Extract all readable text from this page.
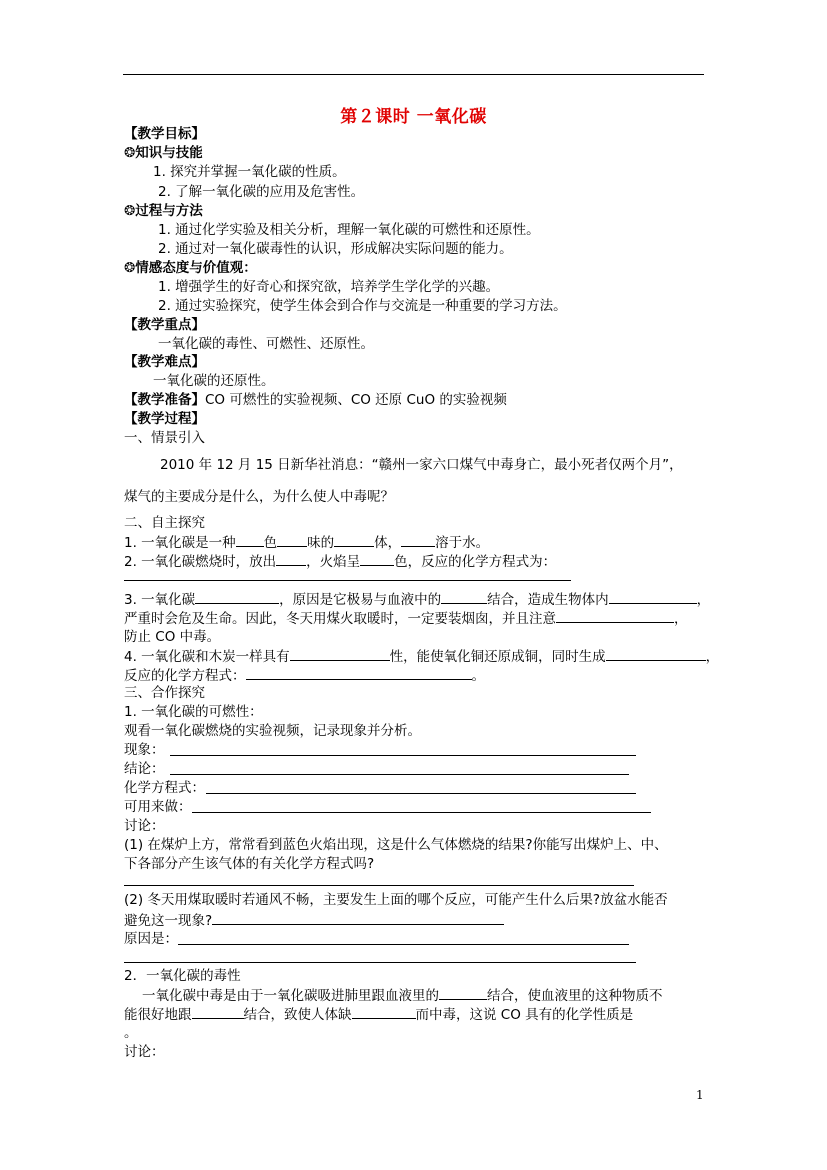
第２课时 一氧化碳
【教学目标】
❂知识与技能
1. 探究并掌握一氧化碳的性质。
2. 了解一氧化碳的应用及危害性。
❂过程与方法
1. 通过化学实验及相关分析，理解一氧化碳的可燃性和还原性。
2. 通过对一氧化碳毒性的认识，形成解决实际问题的能力。
❂情感态度与价值观：
1. 增强学生的好奇心和探究欲，培养学生学化学的兴趣。
2. 通过实验探究，使学生体会到合作与交流是一种重要的学习方法。
【教学重点】
一氧化碳的毒性、可燃性、还原性。
【教学难点】
一氧化碳的还原性。
【教学准备】CO 可燃性的实验视频、CO 还原 CuO 的实验视频
【教学过程】
一、情景引入
2010 年 12 月 15 日新华社消息：“赣州一家六口煤气中毒身亡，最小死者仅两个月”，
煤气的主要成分是什么，为什么使人中毒呢？
二、自主探究
1. 一氧化碳是一种 色 味的	体，	溶于水。
2. 一氧化碳燃烧时，放出 ，火焰呈	色，反应的化学方程式为：
3. 一氧化碳	，原因是它极易与血液中的	结合，造成生物体内	，
严重时会危及生命。因此，冬天用煤火取暖时，一定要装烟囱，并且注意	，
防止 CO 中毒。
4. 一氧化碳和木炭一样具有	性，能使氧化铜还原成铜，同时生成	，
反应的化学方程式：	。
三、合作探究
1. 一氧化碳的可燃性：
观看一氧化碳燃烧的实验视频，记录现象并分析。
现象：
结论：
化学方程式：
可用来做：
讨论：
(1) 在煤炉上方，常常看到蓝色火焰出现，这是什么气体燃烧的结果?你能写出煤炉上、中、
下各部分产生该气体的有关化学方程式吗?
(2) 冬天用煤取暖时若通风不畅，主要发生上面的哪个反应，可能产生什么后果?放盆水能否
避免这一现象?
原因是：
2．一氧化碳的毒性
一氧化碳中毒是由于一氧化碳吸进肺里跟血液里的	结合，使血液里的这种物质不
能很好地跟	结合，致使人体缺	而中毒，这说 CO 具有的化学性质是
。
讨论：
1
